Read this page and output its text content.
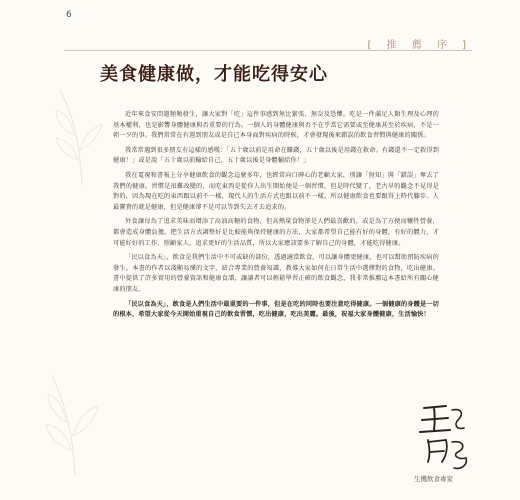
6
[ 推 薦 序 ]
美食健康做，才能吃得安心

近年來食安問題頻頻發生，讓大家對「吃」這件事感到無比緊張、無奈及恐懼。吃是一件滿足人類生理及心理的基本權利，也是影響身體健康與否重要的行為。一個人的身體健康與否不在乎當它需要或至健康甚至於疾病，不是一朝一夕的事。我們常常在有週到朋友或是自己本身面對疾病的時候，才會發現後來錯誤的飲食習慣與健康的關係。

我常常遇到很多朋友有這樣的感嘆：「五十歲以前是用命在賺錢，五十歲以後是用錢在救命。有錢還不一定救得到健康！」或是說「五十歲以前輸給自己，五十歲以後是身體輸給你！」

我在電視和書報上分享健康飲食的觀念這麼多年，也經常向口碑心的老顧大家，別讓「無知」與「錯誤」奪去了我們的健康。習慣是很難改變的，而吃東西是從你人出生開始便是一個習慣，但是時代變了，老古早的觀念不見得是對的，因為現在吃的東西跟以前不一樣，現代人的生活方式也跟以前不一樣，所以健康飲食也要跟得上時代腳步。人最寶貴的就是健康，但是健康卻不是可以等到失去才去追求的。

外食讓每為了追求美味而增添了高油高糖的食物，但高熱量食物卻是人們最喜歡的，或是為了方便而犧牲營養，都會造成身體負擔。把生活方式調整好是比較能夠保持健康的方法，大家都希望自己能有好的身體，有好的體力，才可能好好的工作、照顧家人，追求更好的生活品質，所以大家應該要多了解自己的身體，才能吃得健康。

「民以食為天」，飲食是我們生活中不可或缺的部份，透過適當飲食，可以讓身體更健康，也可以幫助預防疾病的發生。本書的作者以淺顯易懂的文字，結合專業的營養知識，教導大家如何在日常生活中選擇對的食物，吃出健康。書中提供了許多實用的營養資訊和健康食譜，讓讀者可以輕鬆學習正確的飲食觀念，我非常推薦這本書給所有關心健康的朋友。

「民以食為天」，飲食是人們生活中最重要的一件事，但是在吃的同時也要注意吃得健康。一個健康的身體是一切的根本，希望大家從今天開始重視自己的飲食習慣，吃出健康，吃出美麗。最後，祝福大家身體健康，生活愉快！

生機飲食專家
